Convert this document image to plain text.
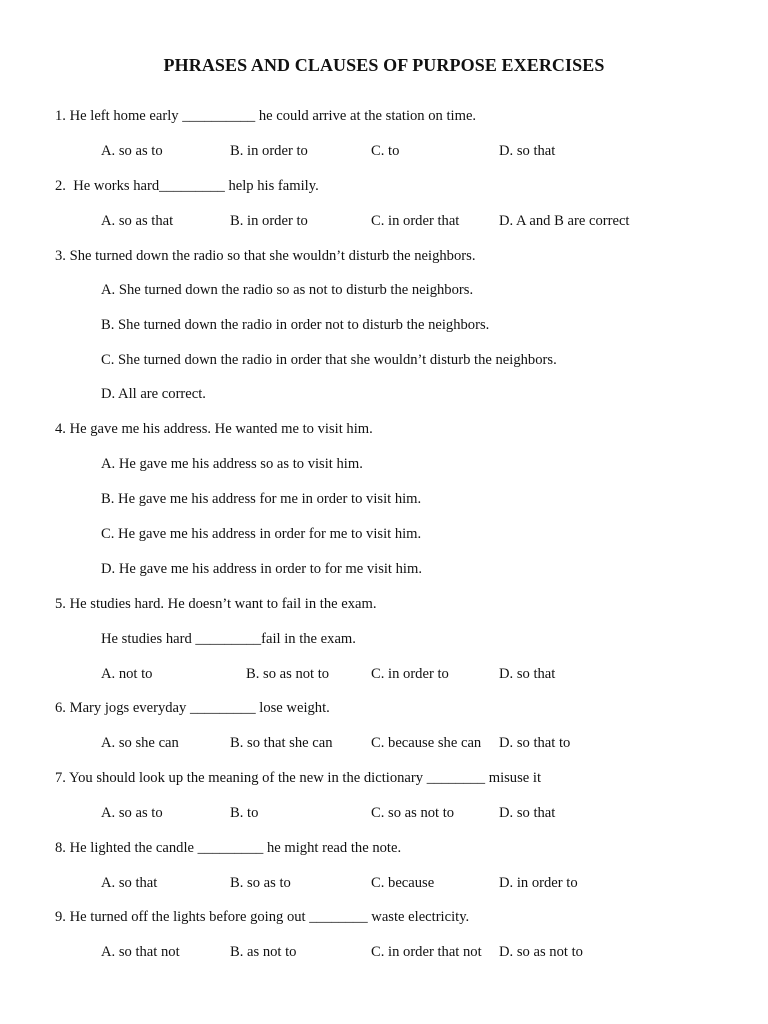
PHRASES AND CLAUSES OF PURPOSE EXERCISES
1. He left home early __________ he could arrive at the station on time.
A. so as to	B. in order to	C. to	D. so that
2.  He works hard_________ help his family.
A. so as that	B. in order to	C. in order that	D. A and B are correct
3. She turned down the radio so that she wouldn’t disturb the neighbors.
A. She turned down the radio so as not to disturb the neighbors.
B. She turned down the radio in order not to disturb the neighbors.
C. She turned down the radio in order that she wouldn’t disturb the neighbors.
D. All are correct.
4. He gave me his address. He wanted me to visit him.
A. He gave me his address so as to visit him.
B. He gave me his address for me in order to visit him.
C. He gave me his address in order for me to visit him.
D. He gave me his address in order to for me visit him.
5. He studies hard. He doesn’t want to fail in the exam.
He studies hard _________fail in the exam.
A. not to	B. so as not to	C. in order to	D. so that
6. Mary jogs everyday _________ lose weight.
A. so she can	B. so that she can	C. because she can D. so that to
7. You should look up the meaning of the new in the dictionary ________ misuse it
A. so as to	B. to	C. so as not to	D. so that
8. He lighted the candle _________ he might read the note.
A. so that	B. so as to	C. because	D. in order to
9. He turned off the lights before going out ________ waste electricity.
A. so that not	B. as not to	C. in order that not D. so as not to
